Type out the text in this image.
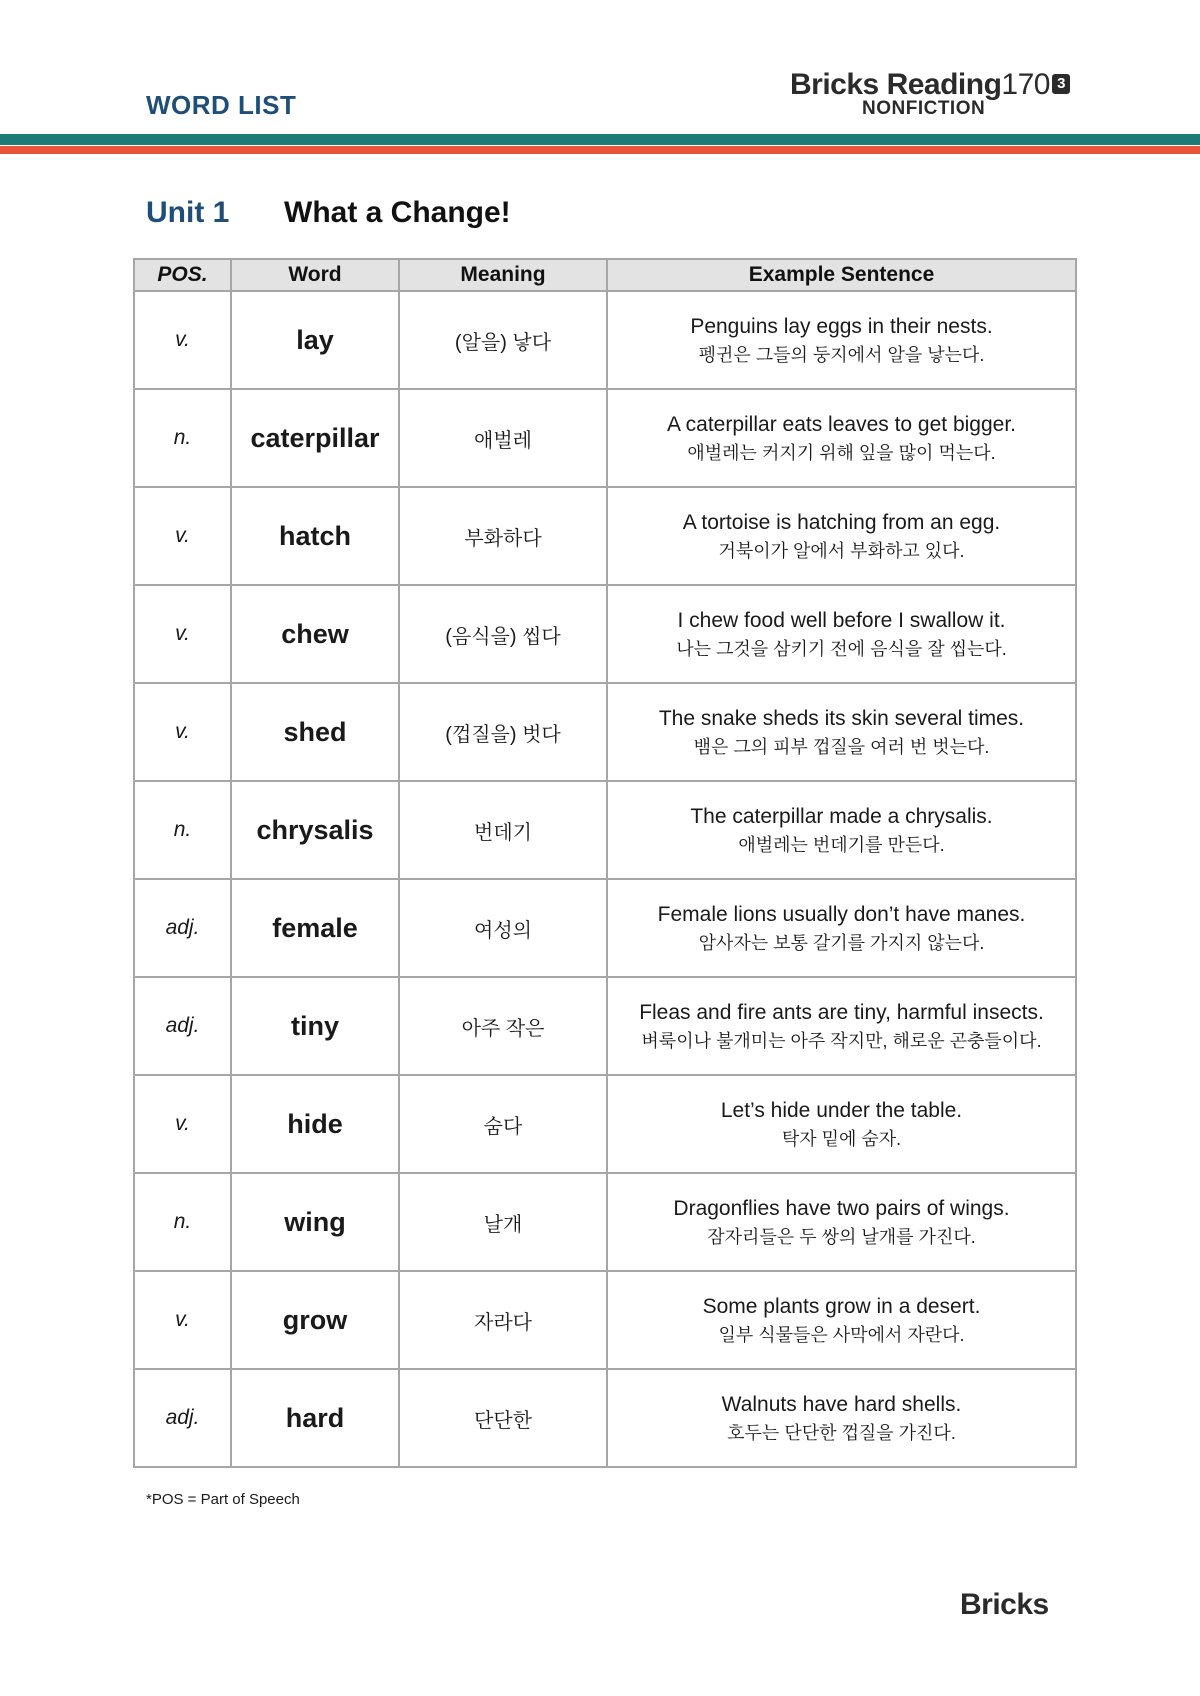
WORD LIST
Bricks Reading170 3
NONFICTION
Unit 1 What a Change!
POS.	Word	Meaning	Example Sentence
v.	lay	(알을) 낳다	Penguins lay eggs in their nests.
펭귄은 그들의 둥지에서 알을 낳는다.

n.	caterpillar	애벌레	A caterpillar eats leaves to get bigger.
애벌레는 커지기 위해 잎을 많이 먹는다.

v.	hatch	부화하다	A tortoise is hatching from an egg.
거북이가 알에서 부화하고 있다.

v.	chew	(음식을) 씹다	I chew food well before I swallow it.
나는 그것을 삼키기 전에 음식을 잘 씹는다.

v.	shed	(껍질을) 벗다	The snake sheds its skin several times.
뱀은 그의 피부 껍질을 여러 번 벗는다.

n.	chrysalis	번데기	The caterpillar made a chrysalis.
애벌레는 번데기를 만든다.

adj.	female	여성의	Female lions usually don’t have manes.
암사자는 보통 갈기를 가지지 않는다.

adj.	tiny	아주 작은	Fleas and fire ants are tiny, harmful insects.
벼룩이나 불개미는 아주 작지만, 해로운 곤충들이다.

v.	hide	숨다	Let’s hide under the table.
탁자 밑에 숨자.

n.	wing	날개	Dragonflies have two pairs of wings.
잠자리들은 두 쌍의 날개를 가진다.

v.	grow	자라다	Some plants grow in a desert.
일부 식물들은 사막에서 자란다.

adj.	hard	단단한	Walnuts have hard shells.
호두는 단단한 껍질을 가진다.
*POS = Part of Speech
Bricks
